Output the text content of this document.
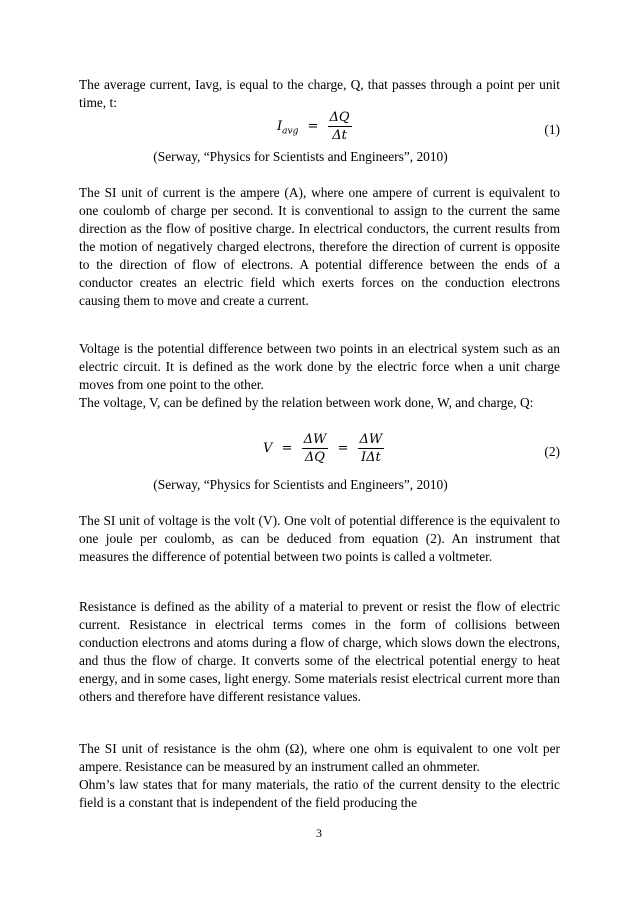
The average current, Iavg, is equal to the charge, Q, that passes through a point per unit time, t:

$I_{avg} = \frac{\Delta Q}{\Delta t}$	(1)
(Serway, “Physics for Scientists and Engineers”, 2010)

The SI unit of current is the ampere (A), where one ampere of current is equivalent to one coulomb of charge per second. It is conventional to assign to the current the same direction as the flow of positive charge. In electrical conductors, the current results from the motion of negatively charged electrons, therefore the direction of current is opposite to the direction of flow of electrons. A potential difference between the ends of a conductor creates an electric field which exerts forces on the conduction electrons causing them to move and create a current.

Voltage is the potential difference between two points in an electrical system such as an electric circuit. It is defined as the work done by the electric force when a unit charge moves from one point to the other.

The voltage, V, can be defined by the relation between work done, W, and charge, Q:

$V = \frac{\Delta W}{\Delta Q} = \frac{\Delta W}{\text{IΔt}}$	(2)
(Serway, “Physics for Scientists and Engineers”, 2010)

The SI unit of voltage is the volt (V). One volt of potential difference is the equivalent to one joule per coulomb, as can be deduced from equation (2). An instrument that measures the difference of potential between two points is called a voltmeter.

Resistance is defined as the ability of a material to prevent or resist the flow of electric current. Resistance in electrical terms comes in the form of collisions between conduction electrons and atoms during a flow of charge, which slows down the electrons, and thus the flow of charge. It converts some of the electrical potential energy to heat energy, and in some cases, light energy. Some materials resist electrical current more than others and therefore have different resistance values.

The SI unit of resistance is the ohm (Ω), where one ohm is equivalent to one volt per ampere. Resistance can be measured by an instrument called an ohmmeter.

Ohm’s law states that for many materials, the ratio of the current density to the electric field is a constant that is independent of the field producing the

3
